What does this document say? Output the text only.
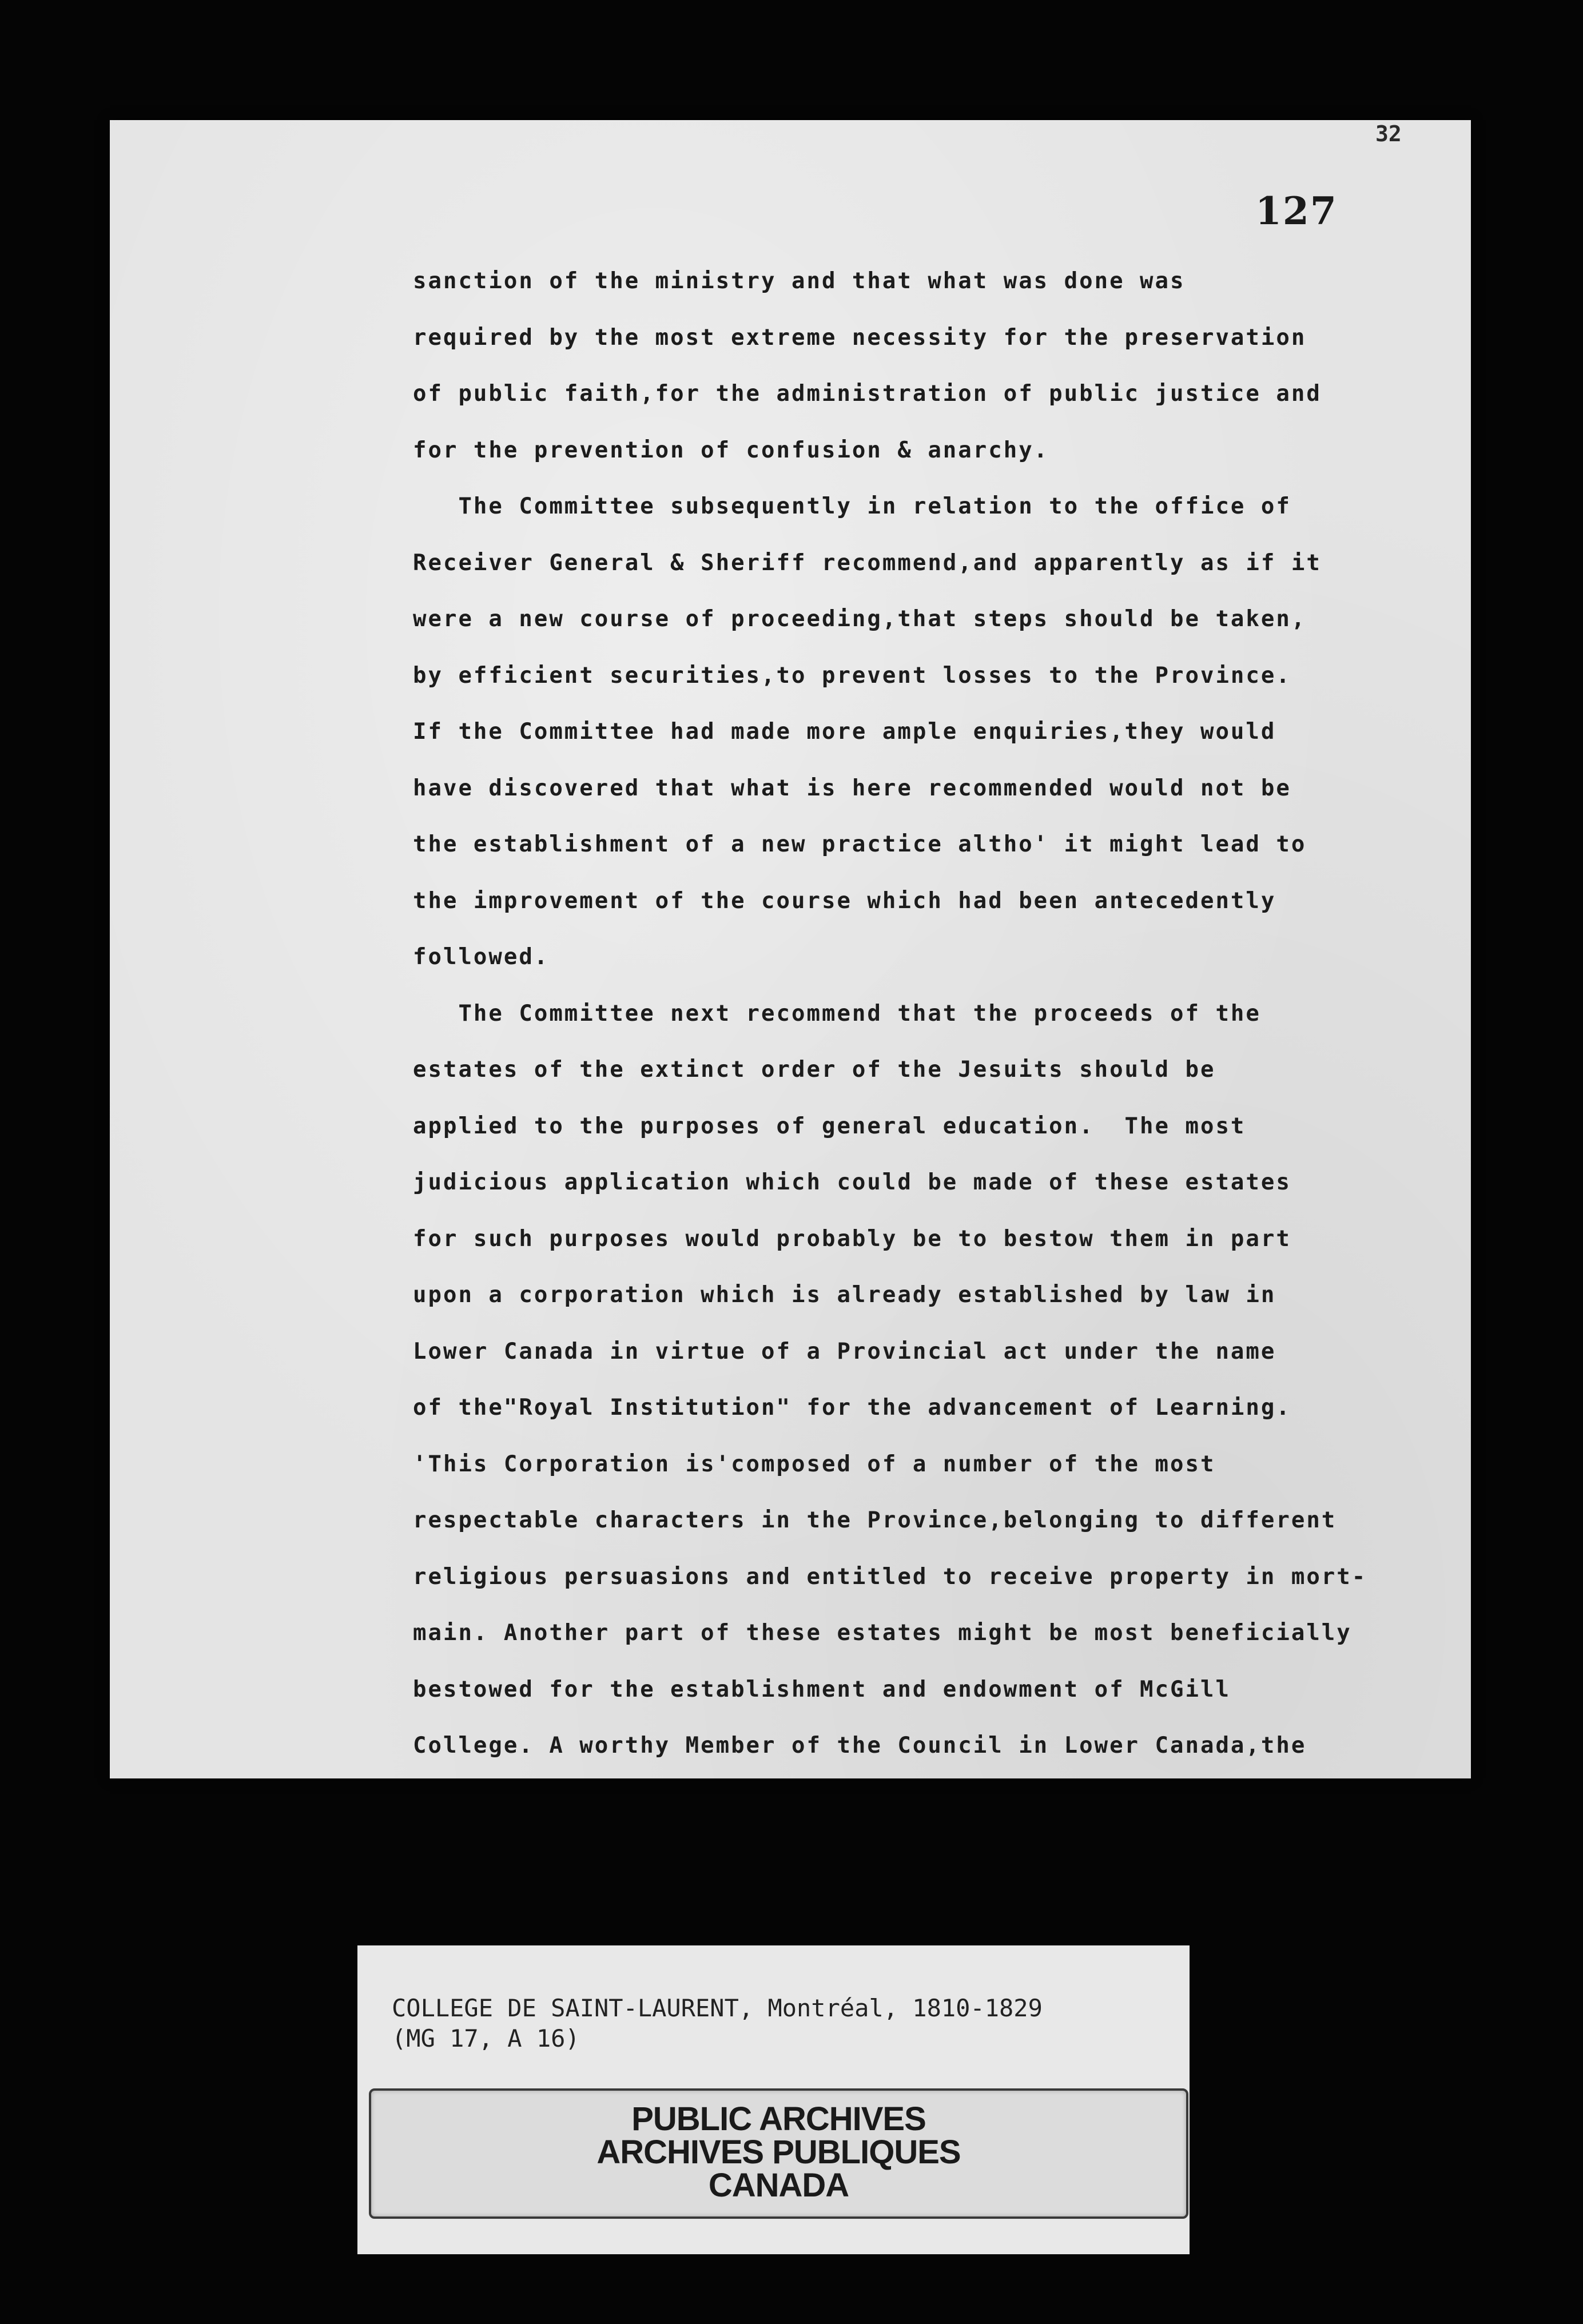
32
127
sanction of the ministry and that what was done was
required by the most extreme necessity for the preservation
of public faith,for the administration of public justice and
for the prevention of confusion & anarchy.
The Committee subsequently in relation to the office of
Receiver General & Sheriff recommend,and apparently as if it
were a new course of proceeding,that steps should be taken,
by efficient securities,to prevent losses to the Province.
If the Committee had made more ample enquiries,they would
have discovered that what is here recommended would not be
the establishment of a new practice altho' it might lead to
the improvement of the course which had been antecedently
followed.
The Committee next recommend that the proceeds of the
estates of the extinct order of the Jesuits should be
applied to the purposes of general education.  The most
judicious application which could be made of these estates
for such purposes would probably be to bestow them in part
upon a corporation which is already established by law in
Lower Canada in virtue of a Provincial act under the name
of the"Royal Institution" for the advancement of Learning.
'This Corporation is'composed of a number of the most
respectable characters in the Province,belonging to different
religious persuasions and entitled to receive property in mort-
main. Another part of these estates might be most beneficially
bestowed for the establishment and endowment of McGill
College. A worthy Member of the Council in Lower Canada,the
COLLEGE DE SAINT-LAURENT, Montréal, 1810-1829
(MG 17, A 16)
PUBLIC ARCHIVES
ARCHIVES PUBLIQUES
CANADA
